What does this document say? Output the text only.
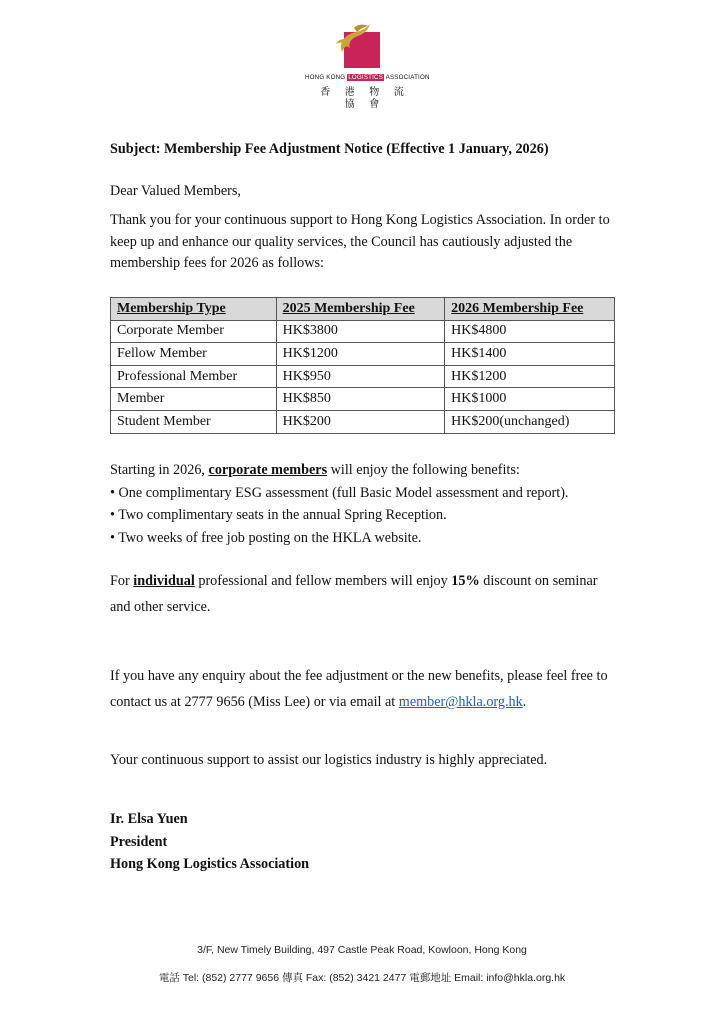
HONG KONG LOGISTICS ASSOCIATION
香 港 物 流 協 會
Subject: Membership Fee Adjustment Notice (Effective 1 January, 2026)
Dear Valued Members,
Thank you for your continuous support to Hong Kong Logistics Association. In order to keep up and enhance our quality services, the Council has cautiously adjusted the membership fees for 2026 as follows:
Membership Type	2025 Membership Fee	2026 Membership Fee
Corporate Member	HK$3800	HK$4800
Fellow Member	HK$1200	HK$1400
Professional Member	HK$950	HK$1200
Member	HK$850	HK$1000
Student Member	HK$200	HK$200(unchanged)
Starting in 2026, corporate members will enjoy the following benefits:
• One complimentary ESG assessment (full Basic Model assessment and report).
• Two complimentary seats in the annual Spring Reception.
• Two weeks of free job posting on the HKLA website.
For individual professional and fellow members will enjoy 15% discount on seminar and other service.
If you have any enquiry about the fee adjustment or the new benefits, please feel free to contact us at 2777 9656 (Miss Lee) or via email at member@hkla.org.hk.
Your continuous support to assist our logistics industry is highly appreciated.
Ir. Elsa Yuen
President
Hong Kong Logistics Association
3/F, New Timely Building, 497 Castle Peak Road, Kowloon, Hong Kong
電話 Tel: (852) 2777 9656 傳真 Fax: (852) 3421 2477 電郵地址 Email: info@hkla.org.hk
